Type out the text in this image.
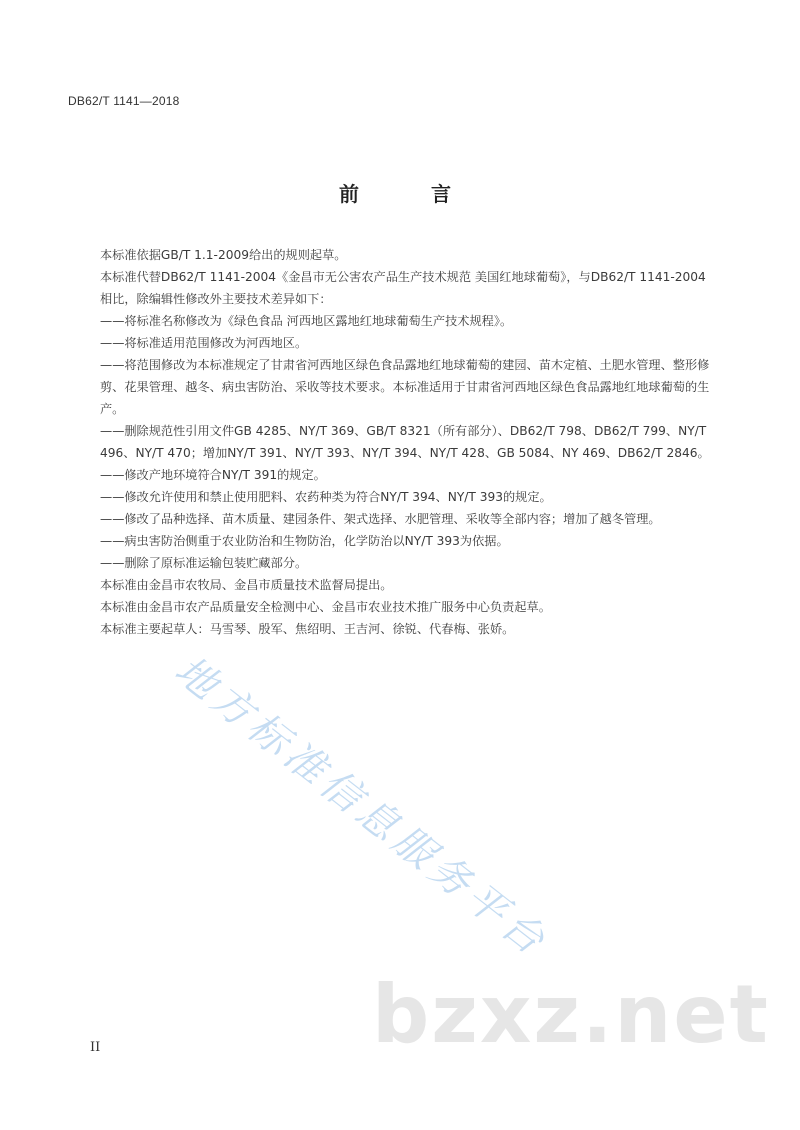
DB62/T 1141—2018
前　言

本标准依据GB/T 1.1-2009给出的规则起草。

本标准代替DB62/T 1141-2004《金昌市无公害农产品生产技术规范 美国红地球葡萄》，与DB62/T 1141-2004相比，除编辑性修改外主要技术差异如下：

——将标准名称修改为《绿色食品 河西地区露地红地球葡萄生产技术规程》。

——将标准适用范围修改为河西地区。

——将范围修改为本标准规定了甘肃省河西地区绿色食品露地红地球葡萄的建园、苗木定植、土肥水管理、整形修剪、花果管理、越冬、病虫害防治、采收等技术要求。本标准适用于甘肃省河西地区绿色食品露地红地球葡萄的生产。

——删除规范性引用文件GB 4285、NY/T 369、GB/T 8321（所有部分）、DB62/T 798、DB62/T 799、NY/T 496、NY/T 470；增加NY/T 391、NY/T 393、NY/T 394、NY/T 428、GB 5084、NY 469、DB62/T 2846。

——修改产地环境符合NY/T 391的规定。

——修改允许使用和禁止使用肥料、农药种类为符合NY/T 394、NY/T 393的规定。

——修改了品种选择、苗木质量、建园条件、架式选择、水肥管理、采收等全部内容；增加了越冬管理。

——病虫害防治侧重于农业防治和生物防治，化学防治以NY/T 393为依据。

——删除了原标准运输包装贮藏部分。

本标准由金昌市农牧局、金昌市质量技术监督局提出。

本标准由金昌市农产品质量安全检测中心、金昌市农业技术推广服务中心负责起草。

本标准主要起草人：马雪琴、殷军、焦绍明、王吉河、徐锐、代春梅、张娇。

地方标准信息服务平台
bzxz.net
II
